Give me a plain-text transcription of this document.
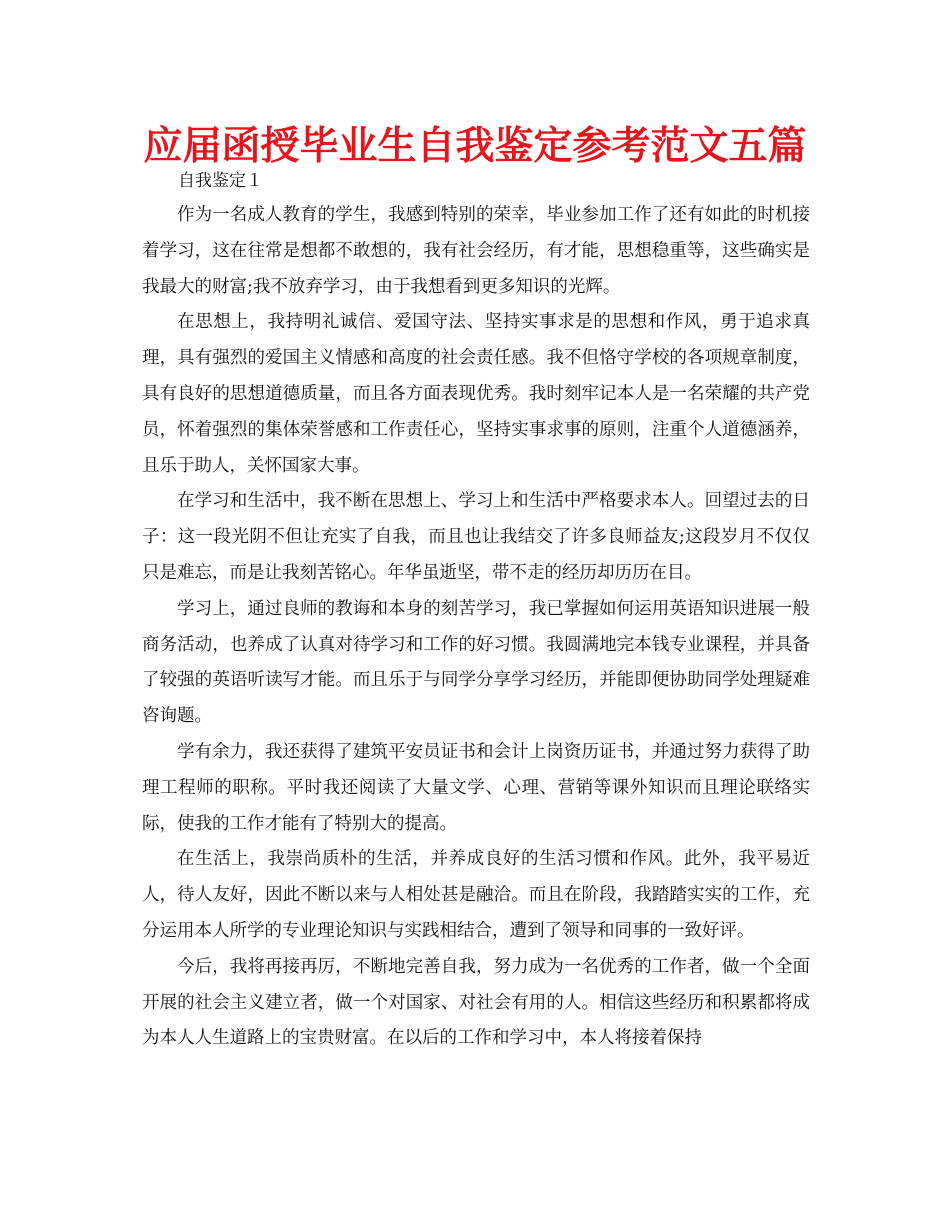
应届函授毕业生自我鉴定参考范文五篇
自我鉴定１

作为一名成人教育的学生，我感到特别的荣幸，毕业参加工作了还有如此的时机接着学习，这在往常是想都不敢想的，我有社会经历，有才能，思想稳重等，这些确实是我最大的财富;我不放弃学习，由于我想看到更多知识的光辉。

在思想上，我持明礼诚信、爱国守法、坚持实事求是的思想和作风，勇于追求真理，具有强烈的爱国主义情感和高度的社会责任感。我不但恪守学校的各项规章制度，具有良好的思想道德质量，而且各方面表现优秀。我时刻牢记本人是一名荣耀的共产党员，怀着强烈的集体荣誉感和工作责任心，坚持实事求事的原则，注重个人道德涵养，且乐于助人，关怀国家大事。

在学习和生活中，我不断在思想上、学习上和生活中严格要求本人。回望过去的日子：这一段光阴不但让充实了自我，而且也让我结交了许多良师益友;这段岁月不仅仅只是难忘，而是让我刻苦铭心。年华虽逝坚，带不走的经历却历历在目。

学习上，通过良师的教诲和本身的刻苦学习，我已掌握如何运用英语知识进展一般商务活动，也养成了认真对待学习和工作的好习惯。我圆满地完本钱专业课程，并具备了较强的英语听读写才能。而且乐于与同学分享学习经历，并能即便协助同学处理疑难咨询题。

学有余力，我还获得了建筑平安员证书和会计上岗资历证书，并通过努力获得了助理工程师的职称。平时我还阅读了大量文学、心理、营销等课外知识而且理论联络实际，使我的工作才能有了特别大的提高。

在生活上，我崇尚质朴的生活，并养成良好的生活习惯和作风。此外，我平易近人，待人友好，因此不断以来与人相处甚是融洽。而且在阶段，我踏踏实实的工作，充分运用本人所学的专业理论知识与实践相结合，遭到了领导和同事的一致好评。

今后，我将再接再厉，不断地完善自我，努力成为一名优秀的工作者，做一个全面开展的社会主义建立者，做一个对国家、对社会有用的人。相信这些经历和积累都将成为本人人生道路上的宝贵财富。在以后的工作和学习中，本人将接着保持
